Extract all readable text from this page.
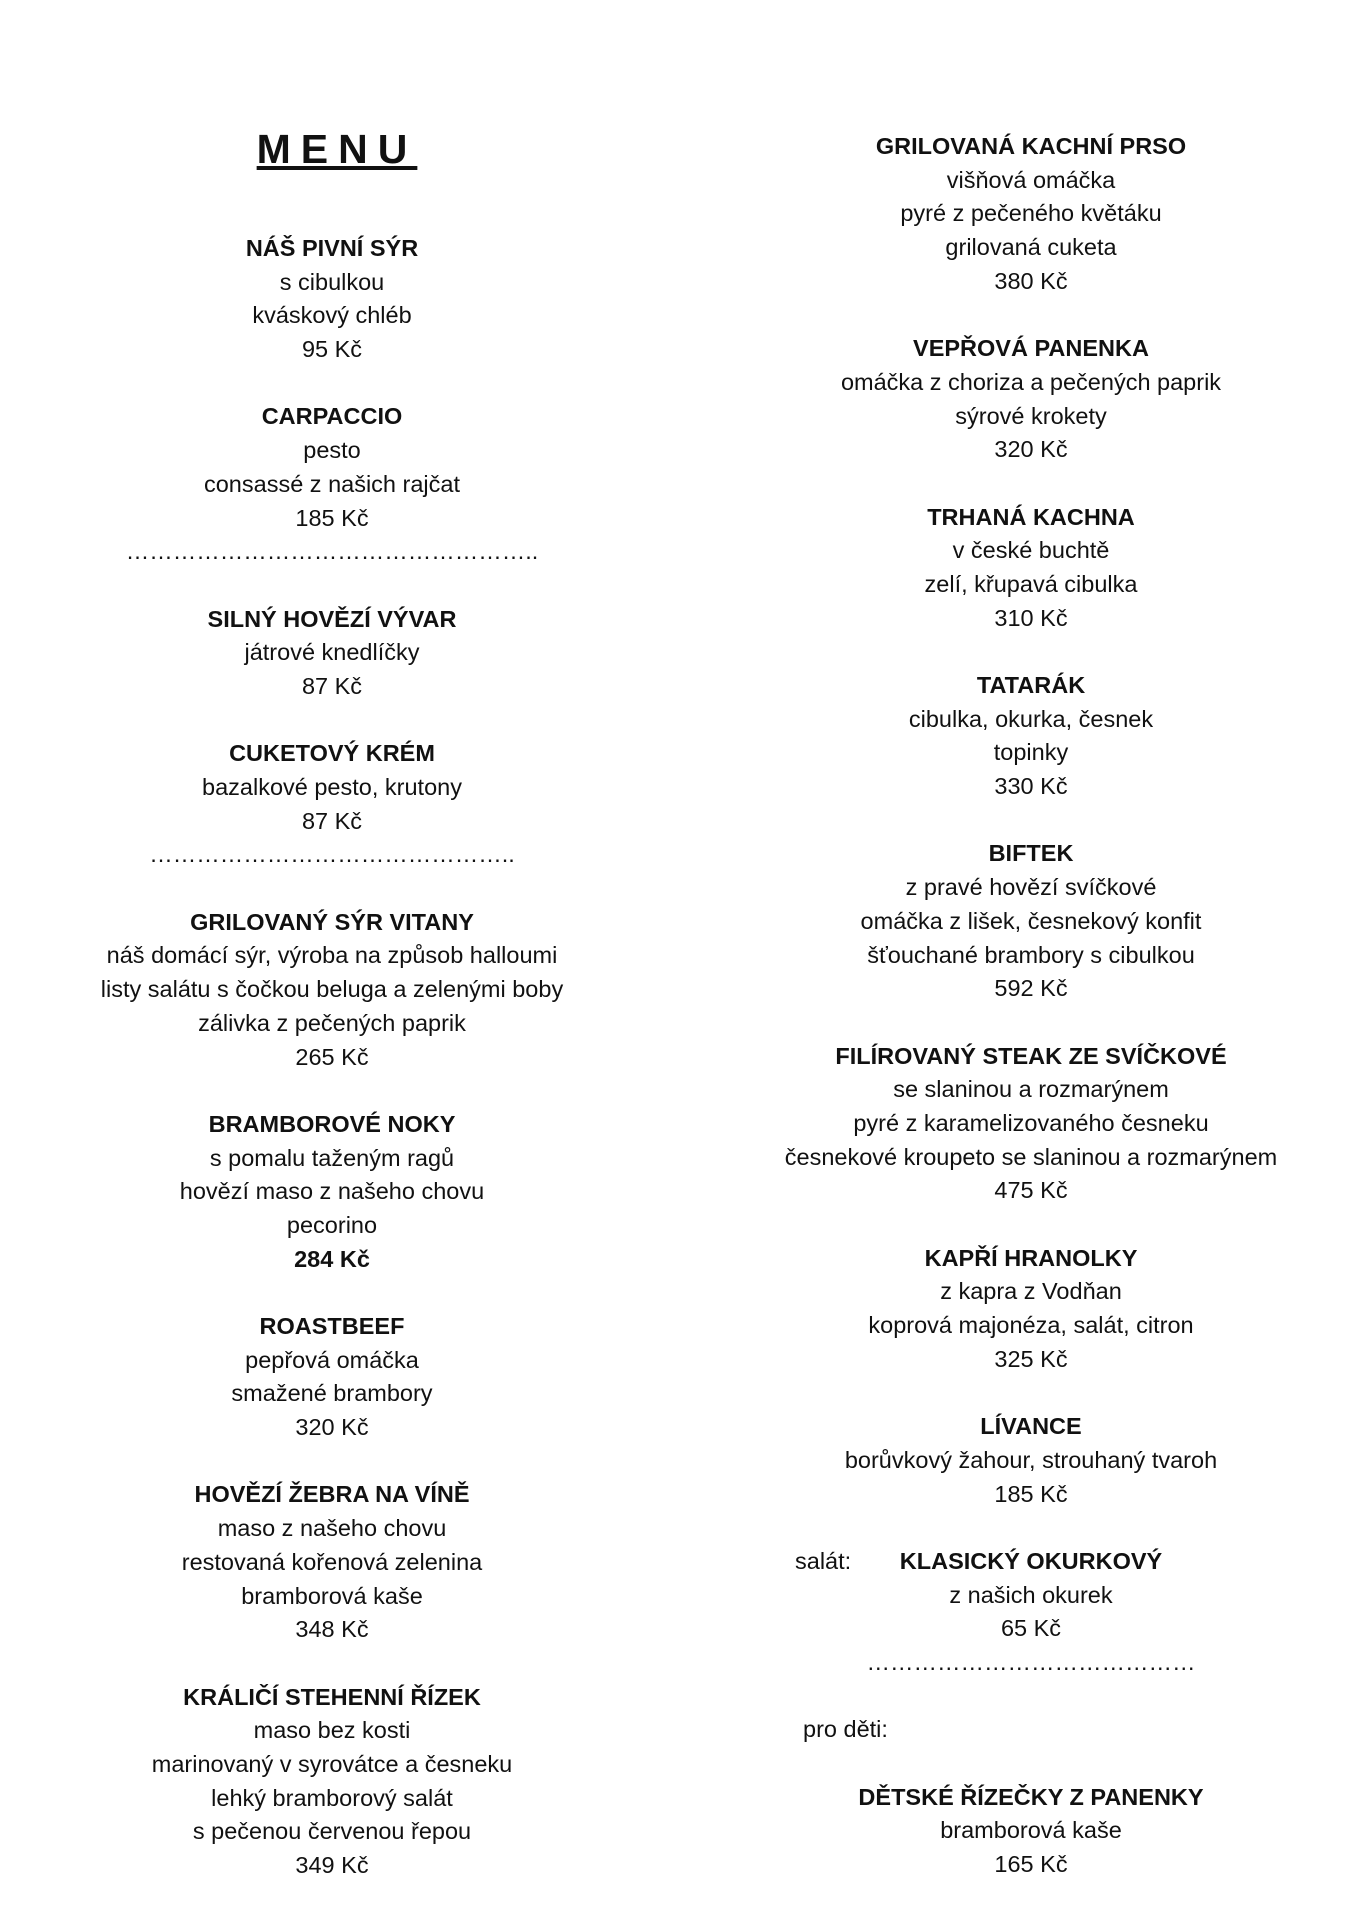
MENU
NÁŠ PIVNÍ SÝR
s cibulkou
kváskový chléb
95 Kč
CARPACCIO
pesto
consassé z našich rajčat
185 Kč
……………………………………………..
SILNÝ HOVĚZÍ VÝVAR
játrové knedlíčky
87 Kč
CUKETOVÝ KRÉM
bazalkové pesto, krutony
87 Kč
………………………………………..
GRILOVANÝ SÝR VITANY
náš domácí sýr, výroba na způsob halloumi
listy salátu s čočkou beluga a zelenými boby
zálivka z pečených paprik
265 Kč
BRAMBOROVÉ NOKY
s pomalu taženým ragů
hovězí maso z našeho chovu
pecorino
284 Kč
ROASTBEEF
pepřová omáčka
smažené brambory
320 Kč
HOVĚZÍ ŽEBRA NA VÍNĚ
maso z našeho chovu
restovaná kořenová zelenina
bramborová kaše
348 Kč
KRÁLIČÍ STEHENNÍ ŘÍZEK
maso bez kosti
marinovaný v syrovátce a česneku
lehký bramborový salát
s pečenou červenou řepou
349 Kč
GRILOVANÁ KACHNÍ PRSO
višňová omáčka
pyré z pečeného květáku
grilovaná cuketa
380 Kč
VEPŘOVÁ PANENKA
omáčka z choriza a pečených paprik
sýrové krokety
320 Kč
TRHANÁ KACHNA
v české buchtě
zelí, křupavá cibulka
310 Kč
TATARÁK
cibulka, okurka, česnek
topinky
330 Kč
BIFTEK
z pravé hovězí svíčkové
omáčka z lišek, česnekový konfit
šťouchané brambory s cibulkou
592 Kč
FILÍROVANÝ STEAK ZE SVÍČKOVÉ
se slaninou a rozmarýnem
pyré z karamelizovaného česneku
česnekové kroupeto se slaninou a rozmarýnem
475 Kč
KAPŘÍ HRANOLKY
z kapra z Vodňan
koprová majonéza, salát, citron
325 Kč
LÍVANCE
borůvkový žahour, strouhaný tvaroh
185 Kč
salát: KLASICKÝ OKURKOVÝ
z našich okurek
65 Kč
……………………………………
pro děti:
DĚTSKÉ ŘÍZEČKY Z PANENKY
bramborová kaše
165 Kč
